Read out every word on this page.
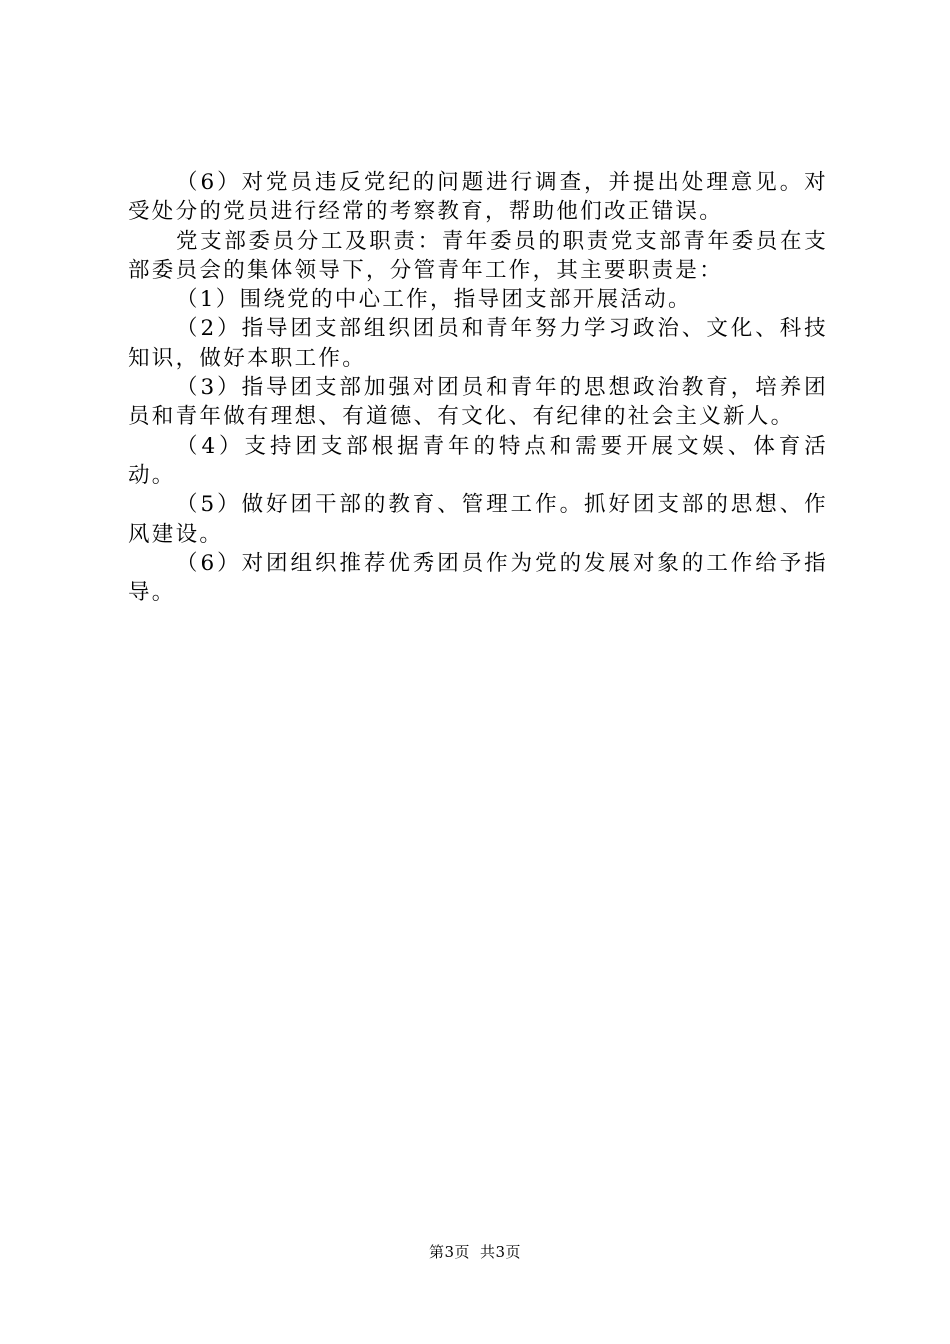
（6）对党员违反党纪的问题进行调查，并提出处理意见。对受处分的党员进行经常的考察教育，帮助他们改正错误。

党支部委员分工及职责：青年委员的职责党支部青年委员在支部委员会的集体领导下，分管青年工作，其主要职责是：

（1）围绕党的中心工作，指导团支部开展活动。

（2）指导团支部组织团员和青年努力学习政治、文化、科技知识，做好本职工作。

（3）指导团支部加强对团员和青年的思想政治教育，培养团员和青年做有理想、有道德、有文化、有纪律的社会主义新人。

（4）支持团支部根据青年的特点和需要开展文娱、体育活动。

（5）做好团干部的教育、管理工作。抓好团支部的思想、作风建设。

（6）对团组织推荐优秀团员作为党的发展对象的工作给予指导。

第3页 共3页
